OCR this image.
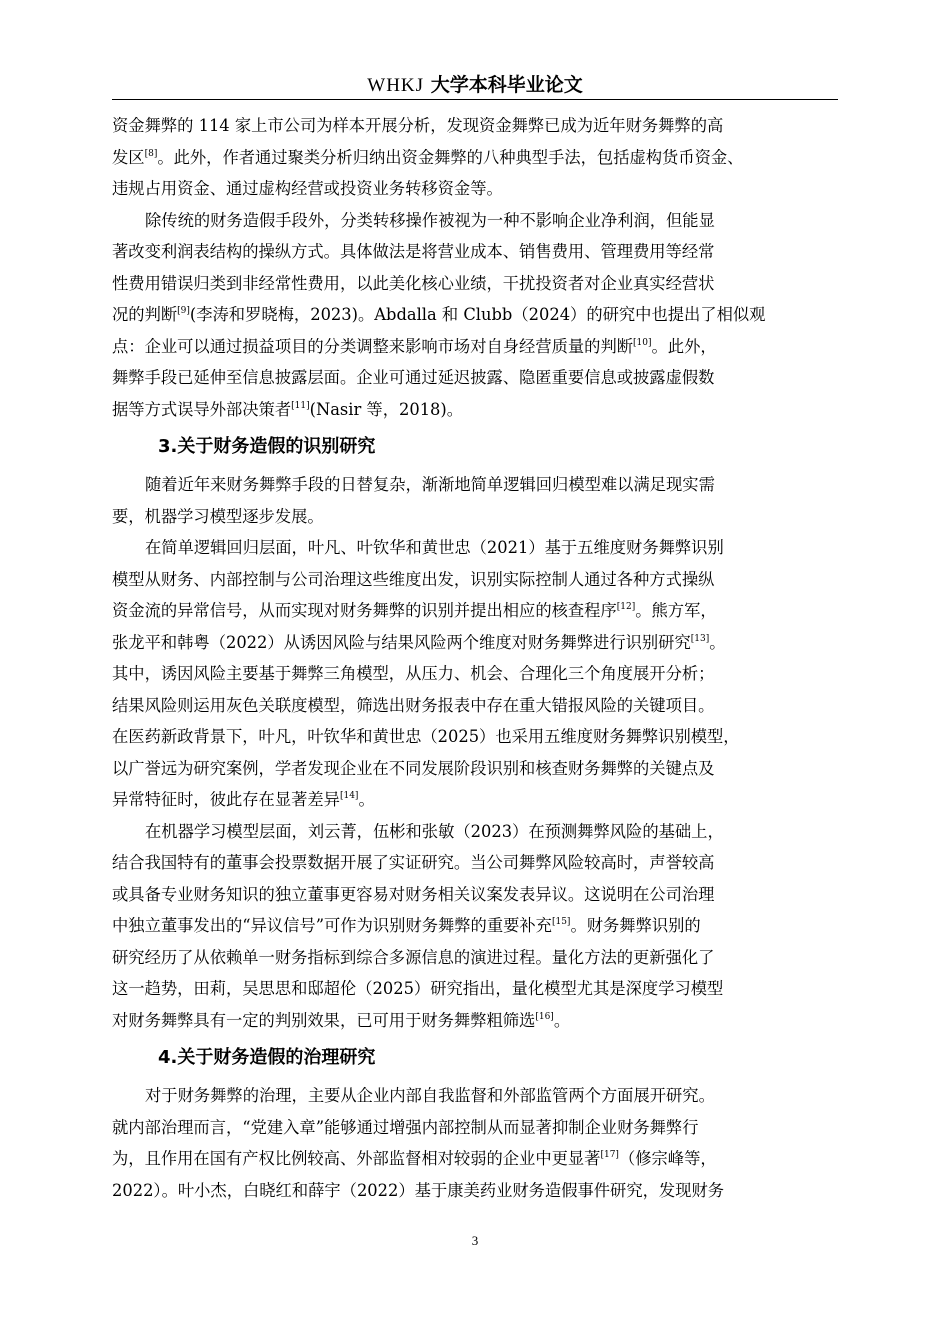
WHKJ 大学本科毕业论文
资金舞弊的 114 家上市公司为样本开展分析，发现资金舞弊已成为近年财务舞弊的高
发区[8]。此外，作者通过聚类分析归纳出资金舞弊的八种典型手法，包括虚构货币资金、
违规占用资金、通过虚构经营或投资业务转移资金等。
除传统的财务造假手段外，分类转移操作被视为一种不影响企业净利润，但能显
著改变利润表结构的操纵方式。具体做法是将营业成本、销售费用、管理费用等经常
性费用错误归类到非经常性费用，以此美化核心业绩，干扰投资者对企业真实经营状
况的判断[9](李涛和罗晓梅，2023)。Abdalla 和 Clubb（2024）的研究中也提出了相似观
点：企业可以通过损益项目的分类调整来影响市场对自身经营质量的判断[10]。此外，
舞弊手段已延伸至信息披露层面。企业可通过延迟披露、隐匿重要信息或披露虚假数
据等方式误导外部决策者[11](Nasir 等，2018)。
3.关于财务造假的识别研究
随着近年来财务舞弊手段的日替复杂，渐渐地简单逻辑回归模型难以满足现实需
要，机器学习模型逐步发展。
在简单逻辑回归层面，叶凡、叶钦华和黄世忠（2021）基于五维度财务舞弊识别
模型从财务、内部控制与公司治理这些维度出发，识别实际控制人通过各种方式操纵
资金流的异常信号，从而实现对财务舞弊的识别并提出相应的核查程序[12]。熊方军，
张龙平和韩粤（2022）从诱因风险与结果风险两个维度对财务舞弊进行识别研究[13]。
其中，诱因风险主要基于舞弊三角模型，从压力、机会、合理化三个角度展开分析；
结果风险则运用灰色关联度模型，筛选出财务报表中存在重大错报风险的关键项目。
在医药新政背景下，叶凡，叶钦华和黄世忠（2025）也采用五维度财务舞弊识别模型，
以广誉远为研究案例，学者发现企业在不同发展阶段识别和核查财务舞弊的关键点及
异常特征时，彼此存在显著差异[14]。
在机器学习模型层面，刘云菁，伍彬和张敏（2023）在预测舞弊风险的基础上，
结合我国特有的董事会投票数据开展了实证研究。当公司舞弊风险较高时，声誉较高
或具备专业财务知识的独立董事更容易对财务相关议案发表异议。这说明在公司治理
中独立董事发出的“异议信号”可作为识别财务舞弊的重要补充[15]。财务舞弊识别的
研究经历了从依赖单一财务指标到综合多源信息的演进过程。量化方法的更新强化了
这一趋势，田莉，吴思思和邸超伦（2025）研究指出，量化模型尤其是深度学习模型
对财务舞弊具有一定的判别效果，已可用于财务舞弊粗筛选[16]。
4.关于财务造假的治理研究
对于财务舞弊的治理，主要从企业内部自我监督和外部监管两个方面展开研究。
就内部治理而言，“党建入章”能够通过增强内部控制从而显著抑制企业财务舞弊行
为，且作用在国有产权比例较高、外部监督相对较弱的企业中更显著[17]（修宗峰等，
2022）。叶小杰，白晓红和薛宇（2022）基于康美药业财务造假事件研究，发现财务
3
